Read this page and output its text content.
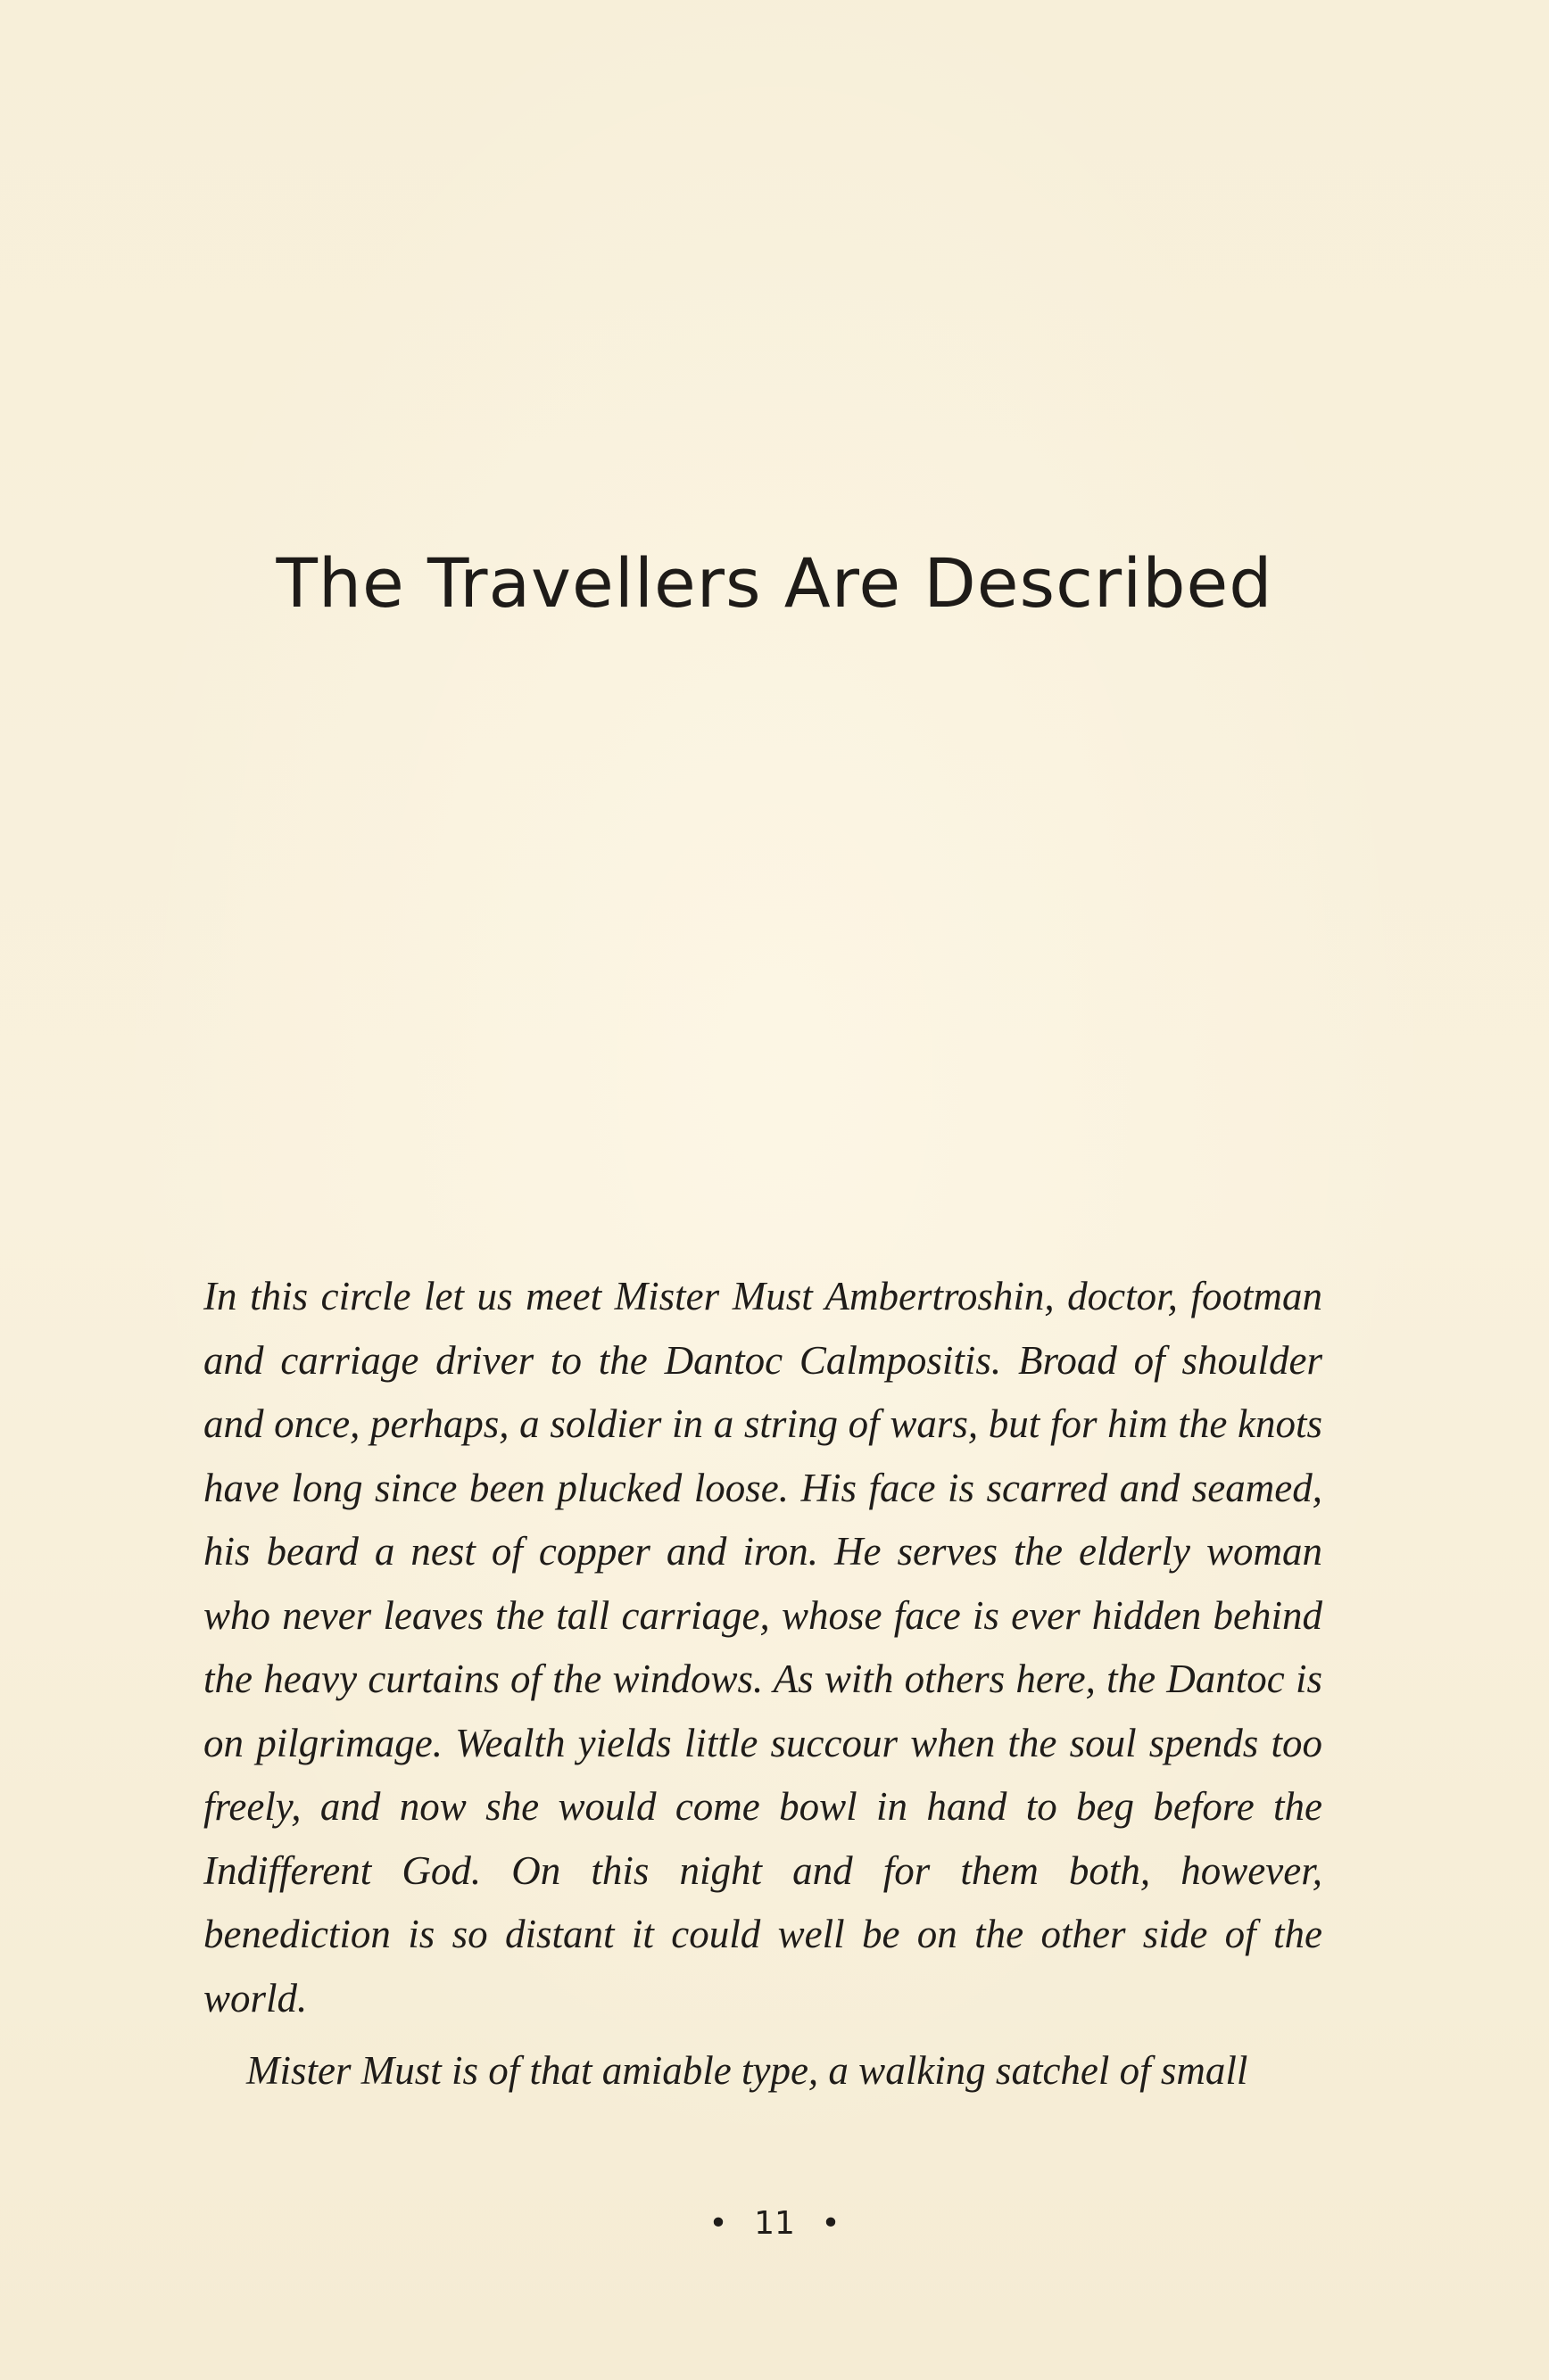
The Travellers Are Described

In this circle let us meet Mister Must Ambertroshin, doctor, footman and carriage driver to the Dantoc Calmpositis. Broad of shoulder and once, perhaps, a soldier in a string of wars, but for him the knots have long since been plucked loose. His face is scarred and seamed, his beard a nest of copper and iron. He serves the elderly woman who never leaves the tall carriage, whose face is ever hidden behind the heavy curtains of the windows. As with others here, the Dantoc is on pilgrimage. Wealth yields little succour when the soul spends too freely, and now she would come bowl in hand to beg before the Indifferent God. On this night and for them both, however, benediction is so distant it could well be on the other side of the world.

Mister Must is of that amiable type, a walking satchel of small

• 11 •
